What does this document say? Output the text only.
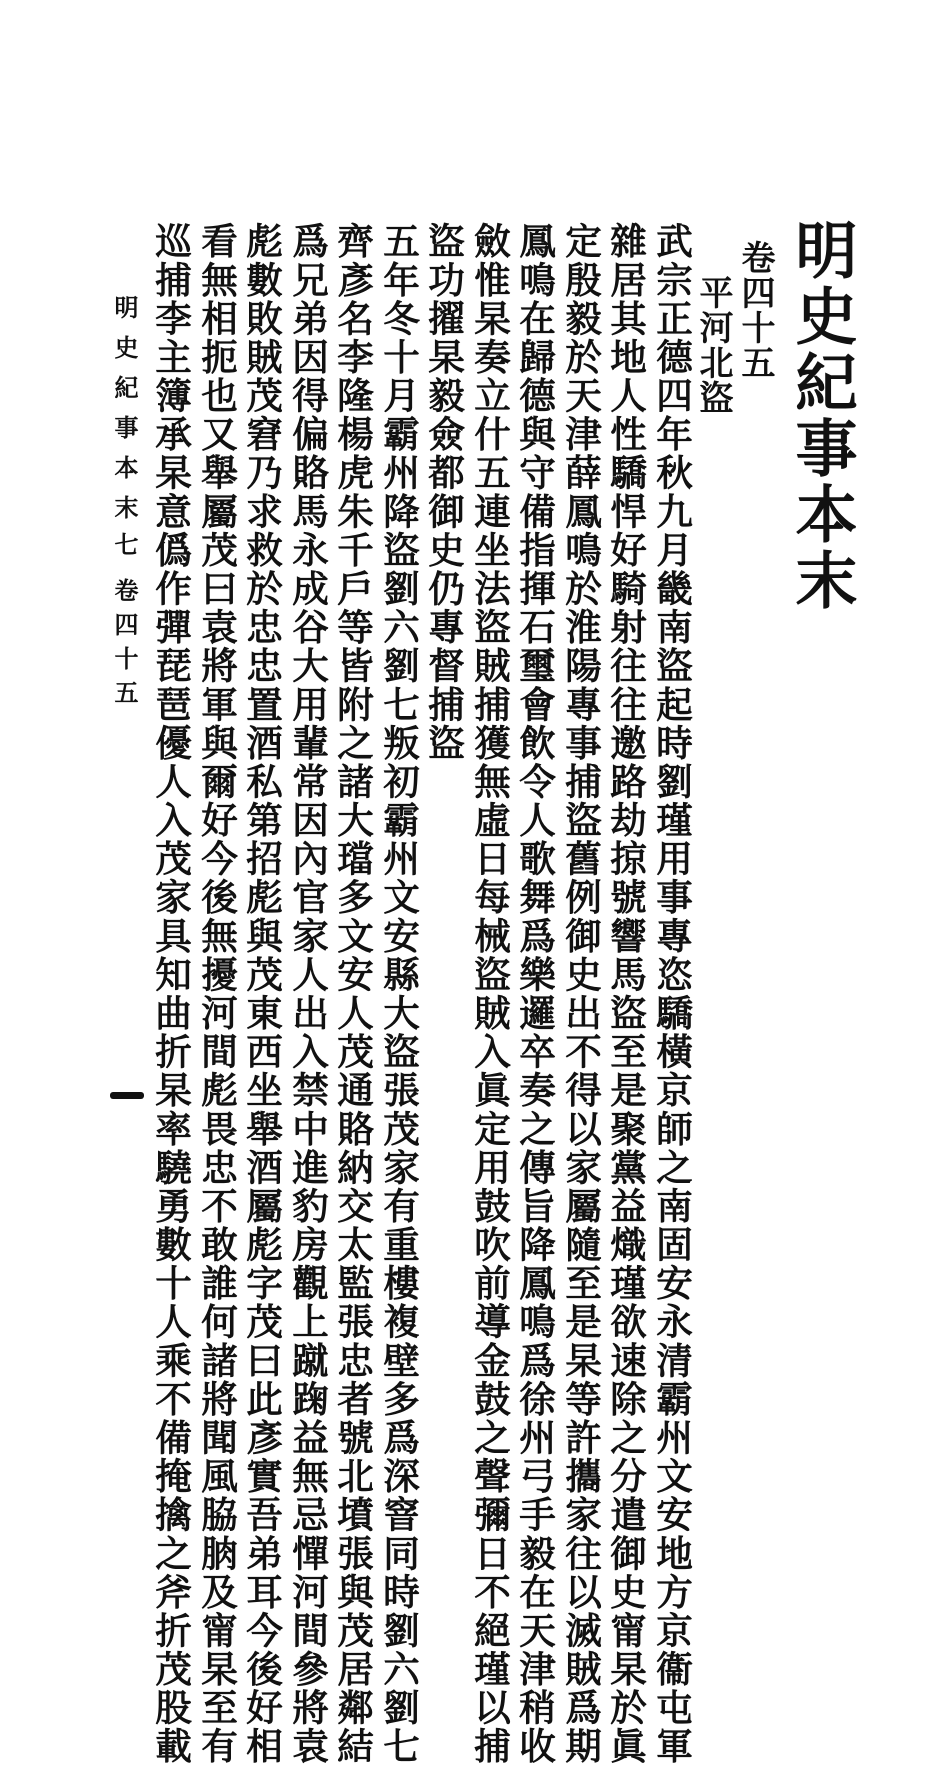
明史紀事本末
卷四十五
平河北盜
武宗正德四年秋九月畿南盜起時劉瑾用事專恣驕橫京師之南固安永清霸州文安地方京衞屯軍
雜居其地人性驕悍好騎射往往邀路劫掠號響馬盜至是聚黨益熾瑾欲速除之分遣御史甯杲於眞
定殷毅於天津薛鳳鳴於淮陽專事捕盜舊例御史出不得以家屬隨至是杲等許攜家往以滅賊爲期
鳳鳴在歸德與守備指揮石璽會飲令人歌舞爲樂邏卒奏之傳旨降鳳鳴爲徐州弓手毅在天津稍收
斂惟杲奏立什五連坐法盜賊捕獲無虛日每械盜賊入眞定用鼓吹前導金鼓之聲彌日不絕瑾以捕
盜功擢杲毅僉都御史仍專督捕盜
五年冬十月霸州降盜劉六劉七叛初霸州文安縣大盜張茂家有重樓複壁多爲深窨同時劉六劉七
齊彥名李隆楊虎朱千戶等皆附之諸大璫多文安人茂通賂納交太監張忠者號北墳張與茂居鄰結
爲兄弟因得偏賂馬永成谷大用輩常因內官家人出入禁中進豹房觀上蹴踘益無忌憚河間參將袁
彪數敗賊茂窘乃求救於忠忠置酒私第招彪與茂東西坐舉酒屬彪字茂曰此彥實吾弟耳今後好相
看無相扼也又舉屬茂曰袁將軍與爾好今後無擾河間彪畏忠不敢誰何諸將聞風脇朒及甯杲至有
巡捕李主簿承杲意僞作彈琵琶優人入茂家具知曲折杲率驍勇數十人乘不備掩擒之斧折茂股載
明史紀事本末
七
卷四十五
